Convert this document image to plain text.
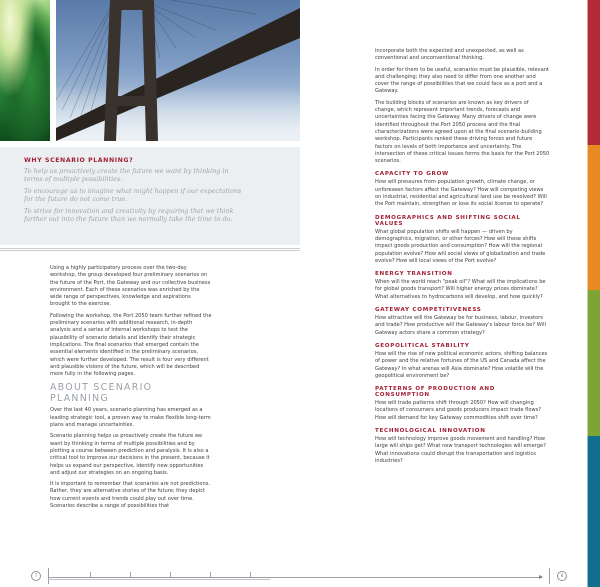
WHY SCENARIO PLANNING?
To help us proactively create the future we want by thinking in terms of multiple possibilities.
To encourage us to imagine what might happen if our expectations for the future do not come true.
To strive for innovation and creativity by requiring that we think farther out into the future than we normally take the time to do.

Using a highly participatory process over the two-day workshop, the group developed four preliminary scenarios on the future of the Port, the Gateway and our collective business environment. Each of these scenarios was enriched by the wide range of perspectives, knowledge and aspirations brought to the exercise.

Following the workshop, the Port 2050 team further refined the preliminary scenarios with additional research, in-depth analysis and a series of internal workshops to test the plausibility of scenario details and identify their strategic implications. The final scenarios that emerged contain the essential elements identified in the preliminary scenarios, which were further developed. The result is four very different and plausible visions of the future, which will be described more fully in the following pages.

ABOUT SCENARIO PLANNING

Over the last 40 years, scenario planning has emerged as a leading strategic tool, a proven way to make flexible long-term plans and manage uncertainties.

Scenario planning helps us proactively create the future we want by thinking in terms of multiple possibilities and by plotting a course between prediction and paralysis. It is also a critical tool to improve our decisions in the present, because it helps us expand our perspective, identify new opportunities and adjust our strategies on an ongoing basis.

It is important to remember that scenarios are not predictions. Rather, they are alternative stories of the future; they depict how current events and trends could play out over time. Scenarios describe a range of possibilities that

incorporate both the expected and unexpected, as well as conventional and unconventional thinking.

In order for them to be useful, scenarios must be plausible, relevant and challenging; they also need to differ from one another and cover the range of possibilities that we could face as a port and a Gateway.

The building blocks of scenarios are known as key drivers of change, which represent important trends, forecasts and uncertainties facing the Gateway. Many drivers of change were identified throughout the Port 2050 process and the final characterizations were agreed upon at the final scenario-building workshop. Participants ranked these driving forces and future factors on levels of both importance and uncertainty. The intersection of these critical issues forms the basis for the Port 2050 scenarios.

CAPACITY TO GROW

How will pressures from population growth, climate change, or unforeseen factors affect the Gateway? How will competing views on industrial, residential and agricultural land use be resolved? Will the Port maintain, strengthen or lose its social license to operate?

DEMOGRAPHICS AND SHIFTING SOCIAL VALUES

What global population shifts will happen — driven by demographics, migration, or other forces? How will these shifts impact goods production and consumption? How will the regional population evolve? How will social views of globalization and trade evolve? How will local views of the Port evolve?

ENERGY TRANSITION

When will the world reach "peak oil"? What will the implications be for global goods transport? Will higher energy prices dominate? What alternatives to hydrocarbons will develop, and how quickly?

GATEWAY COMPETITIVENESS

How attractive will the Gateway be for business, labour, investors and trade? How productive will the Gateway's labour force be? Will Gateway actors share a common strategy?

GEOPOLITICAL STABILITY

How will the rise of new political economic actors, shifting balances of power and the relative fortunes of the US and Canada affect the Gateway? In what arenas will Asia dominate? How volatile will the geopolitical environment be?

PATTERNS OF PRODUCTION AND CONSUMPTION

How will trade patterns shift through 2050? How will changing locations of consumers and goods producers impact trade flows? How will demand for key Gateway commodities shift over time?

TECHNOLOGICAL INNOVATION

How will technology improve goods movement and handling? How large will ships get? What new transport technologies will emerge? What innovations could disrupt the transportation and logistics industries?

7	8
